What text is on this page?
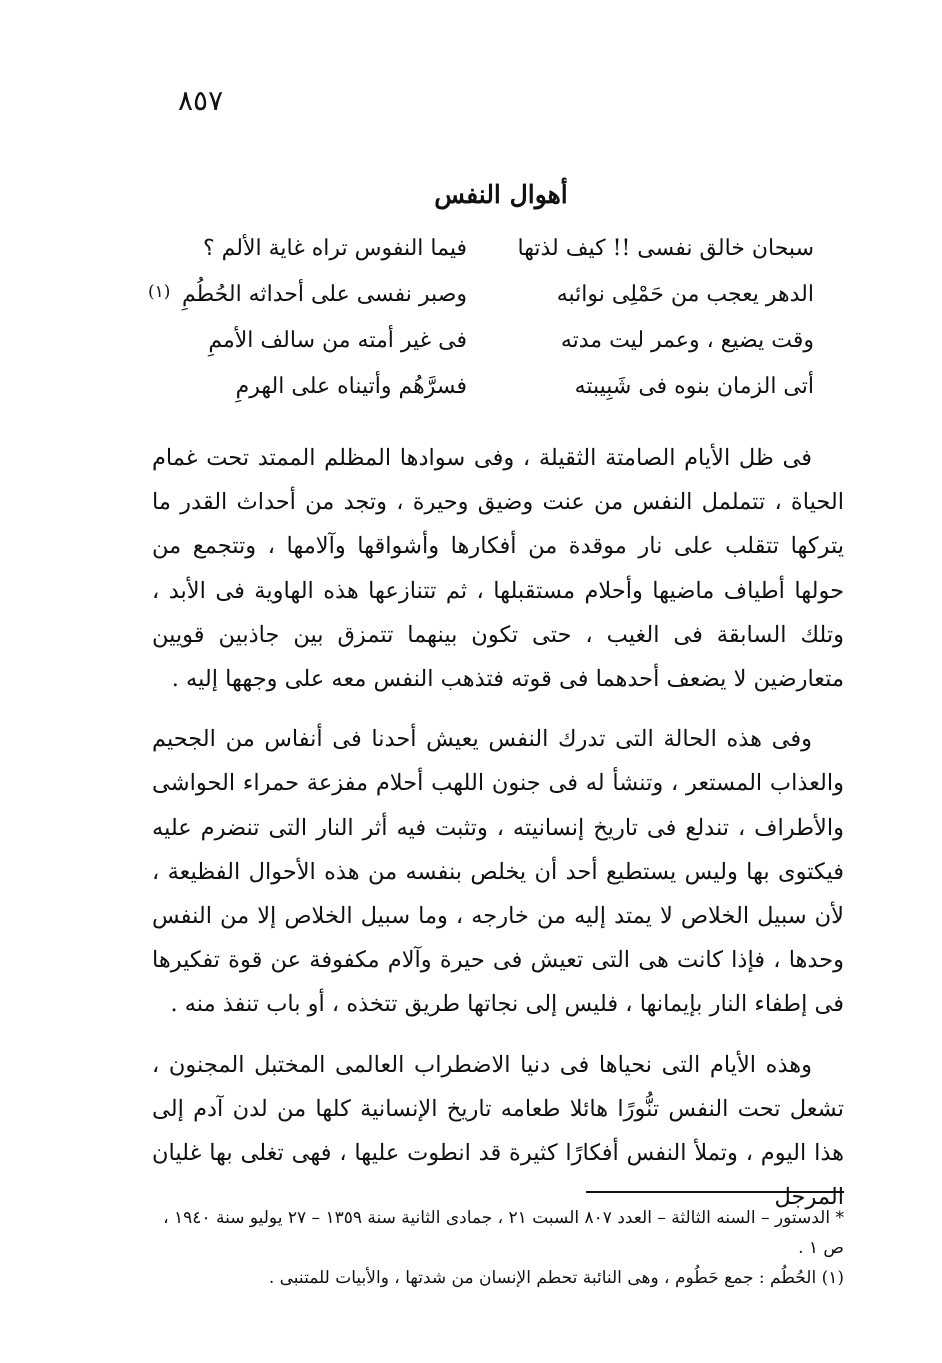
٨٥٧
أهوال النفس
سبحان خالق نفسى !! كيف لذتها
فيما النفوس تراه غاية الألم ؟
الدهر يعجب من حَمْلِى نوائبه
وصبر نفسى على أحداثه الحُطُمِ
وقت يضيع ، وعمر ليت مدته
فى غير أمته من سالف الأممِ
أتى الزمان بنوه فى شَبِيبته
فسرَّهُم وأتيناه على الهرمِ
(١)

فى ظل الأيام الصامتة الثقيلة ، وفى سوادها المظلم الممتد تحت غمام الحياة ، تتململ النفس من عنت وضيق وحيرة ، وتجد من أحداث القدر ما يتركها تتقلب على نار موقدة من أفكارها وأشواقها وآلامها ، وتتجمع من حولها أطياف ماضيها وأحلام مستقبلها ، ثم تتنازعها هذه الهاوية فى الأبد ، وتلك السابقة فى الغيب ، حتى تكون بينهما تتمزق بين جاذبين قويين متعارضين لا يضعف أحدهما فى قوته فتذهب النفس معه على وجهها إليه .

وفى هذه الحالة التى تدرك النفس يعيش أحدنا فى أنفاس من الجحيم والعذاب المستعر ، وتنشأ له فى جنون اللهب أحلام مفزعة حمراء الحواشى والأطراف ، تندلع فى تاريخ إنسانيته ، وتثبت فيه أثر النار التى تنضرم عليه فيكتوى بها وليس يستطيع أحد أن يخلص بنفسه من هذه الأحوال الفظيعة ، لأن سبيل الخلاص لا يمتد إليه من خارجه ، وما سبيل الخلاص إلا من النفس وحدها ، فإذا كانت هى التى تعيش فى حيرة وآلام مكفوفة عن قوة تفكيرها فى إطفاء النار بإيمانها ، فليس إلى نجاتها طريق تتخذه ، أو باب تنفذ منه .

وهذه الأيام التى نحياها فى دنيا الاضطراب العالمى المختبل المجنون ، تشعل تحت النفس تنُّورًا هائلا طعامه تاريخ الإنسانية كلها من لدن آدم إلى هذا اليوم ، وتملأ النفس أفكارًا كثيرة قد انطوت عليها ، فهى تغلى بها غليان المرجل

* الدستور – السنه الثالثة – العدد ٨٠٧ السبت ٢١ ، جمادى الثانية سنة ١٣٥٩ – ٢٧ يوليو سنة ١٩٤٠ ، ص ١ .

(١) الحُطُم : جمع حَطُوم ، وهى النائبة تحطم الإنسان من شدتها ، والأبيات للمتنبى .
